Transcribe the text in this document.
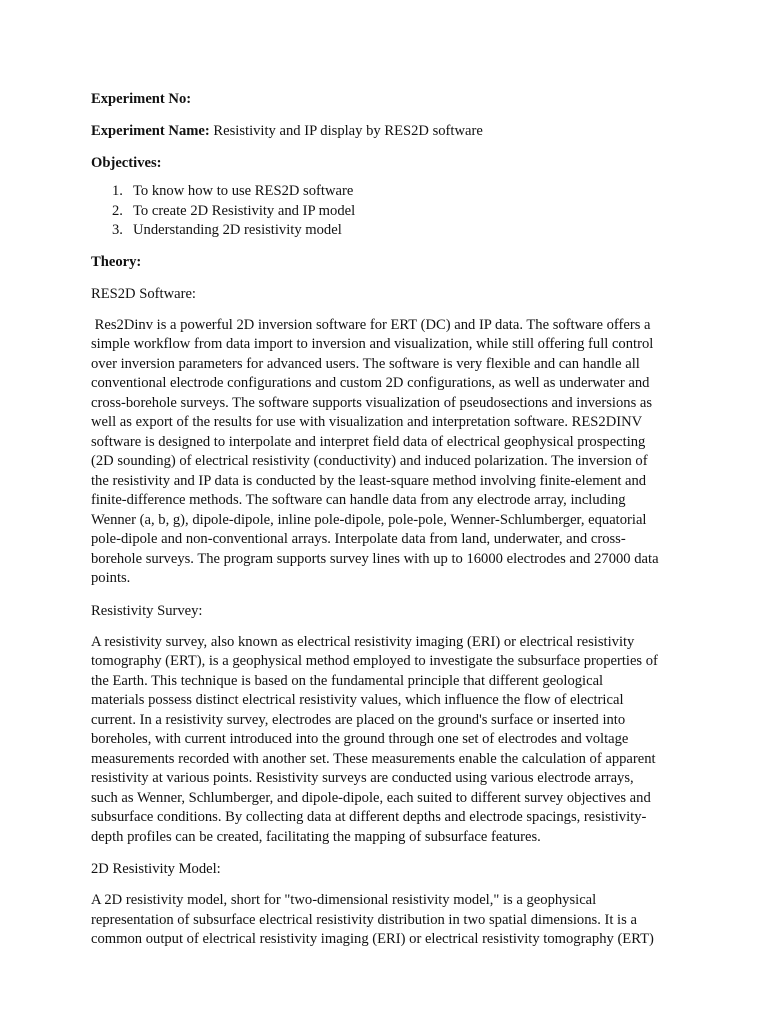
Experiment No:

Experiment Name: Resistivity and IP display by RES2D software

Objectives:

1. To know how to use RES2D software
2. To create 2D Resistivity and IP model
3. Understanding 2D resistivity model

Theory:

RES2D Software:

Res2Dinv is a powerful 2D inversion software for ERT (DC) and IP data. The software offers a
simple workflow from data import to inversion and visualization, while still offering full control
over inversion parameters for advanced users. The software is very flexible and can handle all
conventional electrode configurations and custom 2D configurations, as well as underwater and
cross-borehole surveys. The software supports visualization of pseudosections and inversions as
well as export of the results for use with visualization and interpretation software. RES2DINV
software is designed to interpolate and interpret field data of electrical geophysical prospecting
(2D sounding) of electrical resistivity (conductivity) and induced polarization. The inversion of
the resistivity and IP data is conducted by the least-square method involving finite-element and
finite-difference methods. The software can handle data from any electrode array, including
Wenner (a, b, g), dipole-dipole, inline pole-dipole, pole-pole, Wenner-Schlumberger, equatorial
pole-dipole and non-conventional arrays. Interpolate data from land, underwater, and cross-
borehole surveys. The program supports survey lines with up to 16000 electrodes and 27000 data
points.

Resistivity Survey:

A resistivity survey, also known as electrical resistivity imaging (ERI) or electrical resistivity
tomography (ERT), is a geophysical method employed to investigate the subsurface properties of
the Earth. This technique is based on the fundamental principle that different geological
materials possess distinct electrical resistivity values, which influence the flow of electrical
current. In a resistivity survey, electrodes are placed on the ground's surface or inserted into
boreholes, with current introduced into the ground through one set of electrodes and voltage
measurements recorded with another set. These measurements enable the calculation of apparent
resistivity at various points. Resistivity surveys are conducted using various electrode arrays,
such as Wenner, Schlumberger, and dipole-dipole, each suited to different survey objectives and
subsurface conditions. By collecting data at different depths and electrode spacings, resistivity-
depth profiles can be created, facilitating the mapping of subsurface features.

2D Resistivity Model:

A 2D resistivity model, short for "two-dimensional resistivity model," is a geophysical
representation of subsurface electrical resistivity distribution in two spatial dimensions. It is a
common output of electrical resistivity imaging (ERI) or electrical resistivity tomography (ERT)
